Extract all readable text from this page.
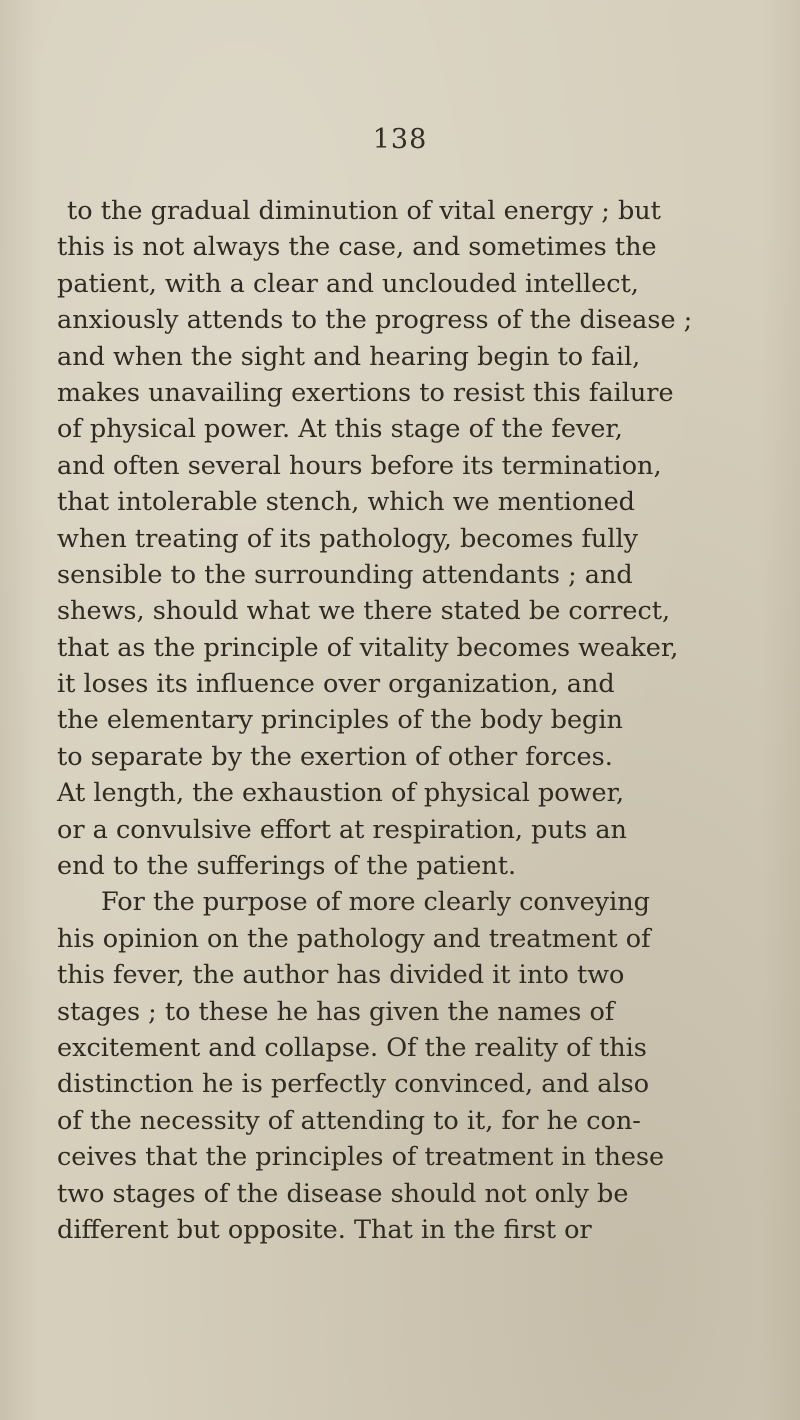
138
to the gradual diminution of vital energy ; but
this is not always the case, and sometimes the
patient, with a clear and unclouded intellect,
anxiously attends to the progress of the disease ;
and when the sight and hearing begin to fail,
makes unavailing exertions to resist this failure
of physical power. At this stage of the fever,
and often several hours before its termination,
that intolerable stench, which we mentioned
when treating of its pathology, becomes fully
sensible to the surrounding attendants ; and
shews, should what we there stated be correct,
that as the principle of vitality becomes weaker,
it loses its influence over organization, and
the elementary principles of the body begin
to separate by the exertion of other forces.
At length, the exhaustion of physical power,
or a convulsive effort at respiration, puts an
end to the sufferings of the patient.
For the purpose of more clearly conveying
his opinion on the pathology and treatment of
this fever, the author has divided it into two
stages ; to these he has given the names of
excitement and collapse. Of the reality of this
distinction he is perfectly convinced, and also
of the necessity of attending to it, for he con-
ceives that the principles of treatment in these
two stages of the disease should not only be
different but opposite. That in the first or
